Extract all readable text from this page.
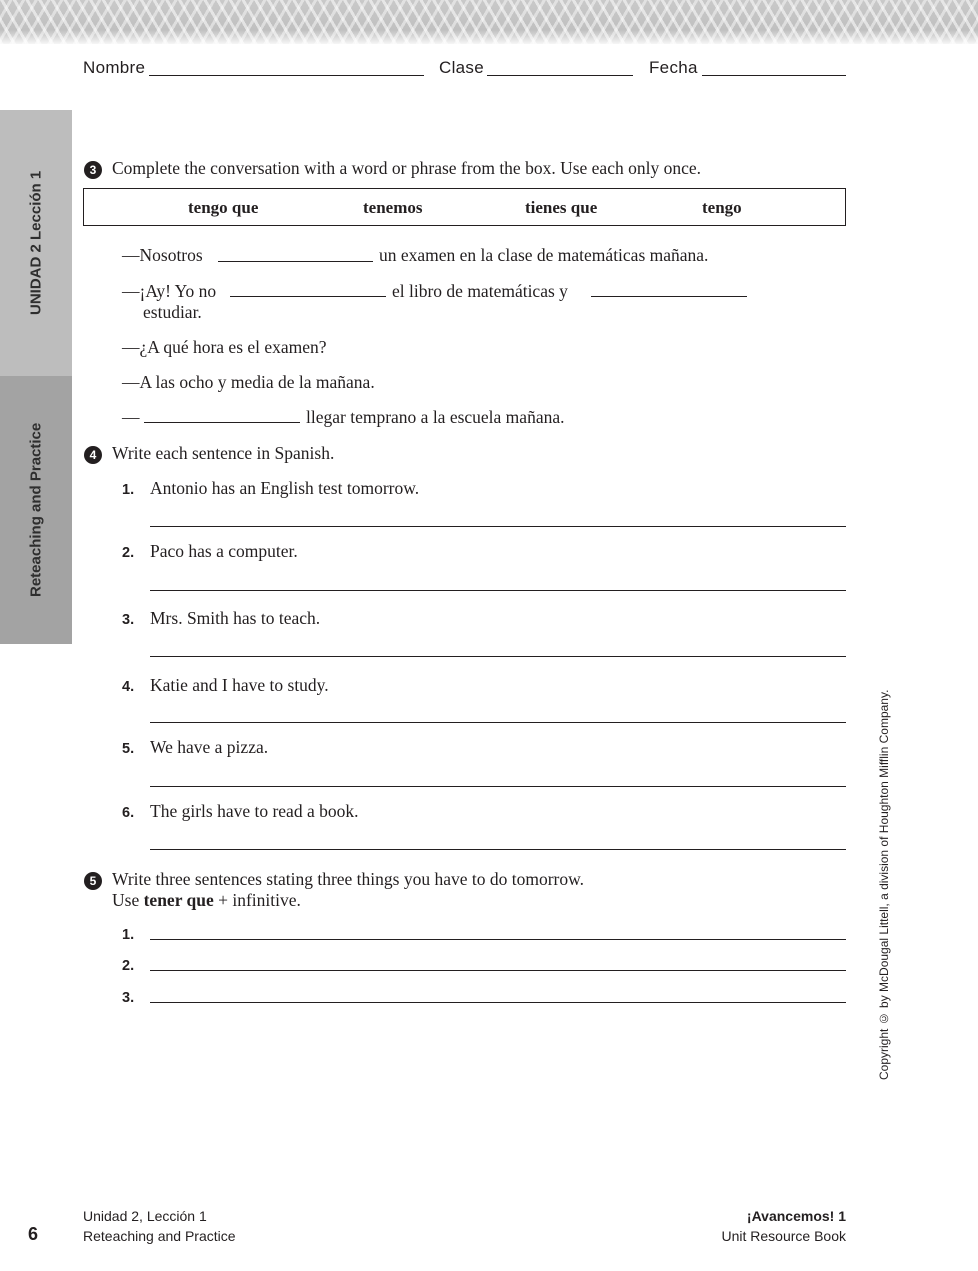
Nombre	Clase	Fecha
UNIDAD 2 Lección 1
Reteaching and Practice
3 Complete the conversation with a word or phrase from the box. Use each only once.
tengo que	tenemos	tienes que	tengo
—Nosotros	un examen en la clase de matemáticas mañana.
—¡Ay! Yo no	el libro de matemáticas y
estudiar.
—¿A qué hora es el examen?
—A las ocho y media de la mañana.
—	llegar temprano a la escuela mañana.
4 Write each sentence in Spanish.
1. Antonio has an English test tomorrow.
2. Paco has a computer.
3. Mrs. Smith has to teach.
4. Katie and I have to study.
5. We have a pizza.
6. The girls have to read a book.
5 Write three sentences stating three things you have to do tomorrow.
Use tener que + infinitive.
1.
2.
3.	Copyright © by McDougal Littell, a division of Houghton Mifflin Company.
6
Unidad 2, Lección 1
Reteaching and Practice
¡Avancemos! 1
Unit Resource Book
